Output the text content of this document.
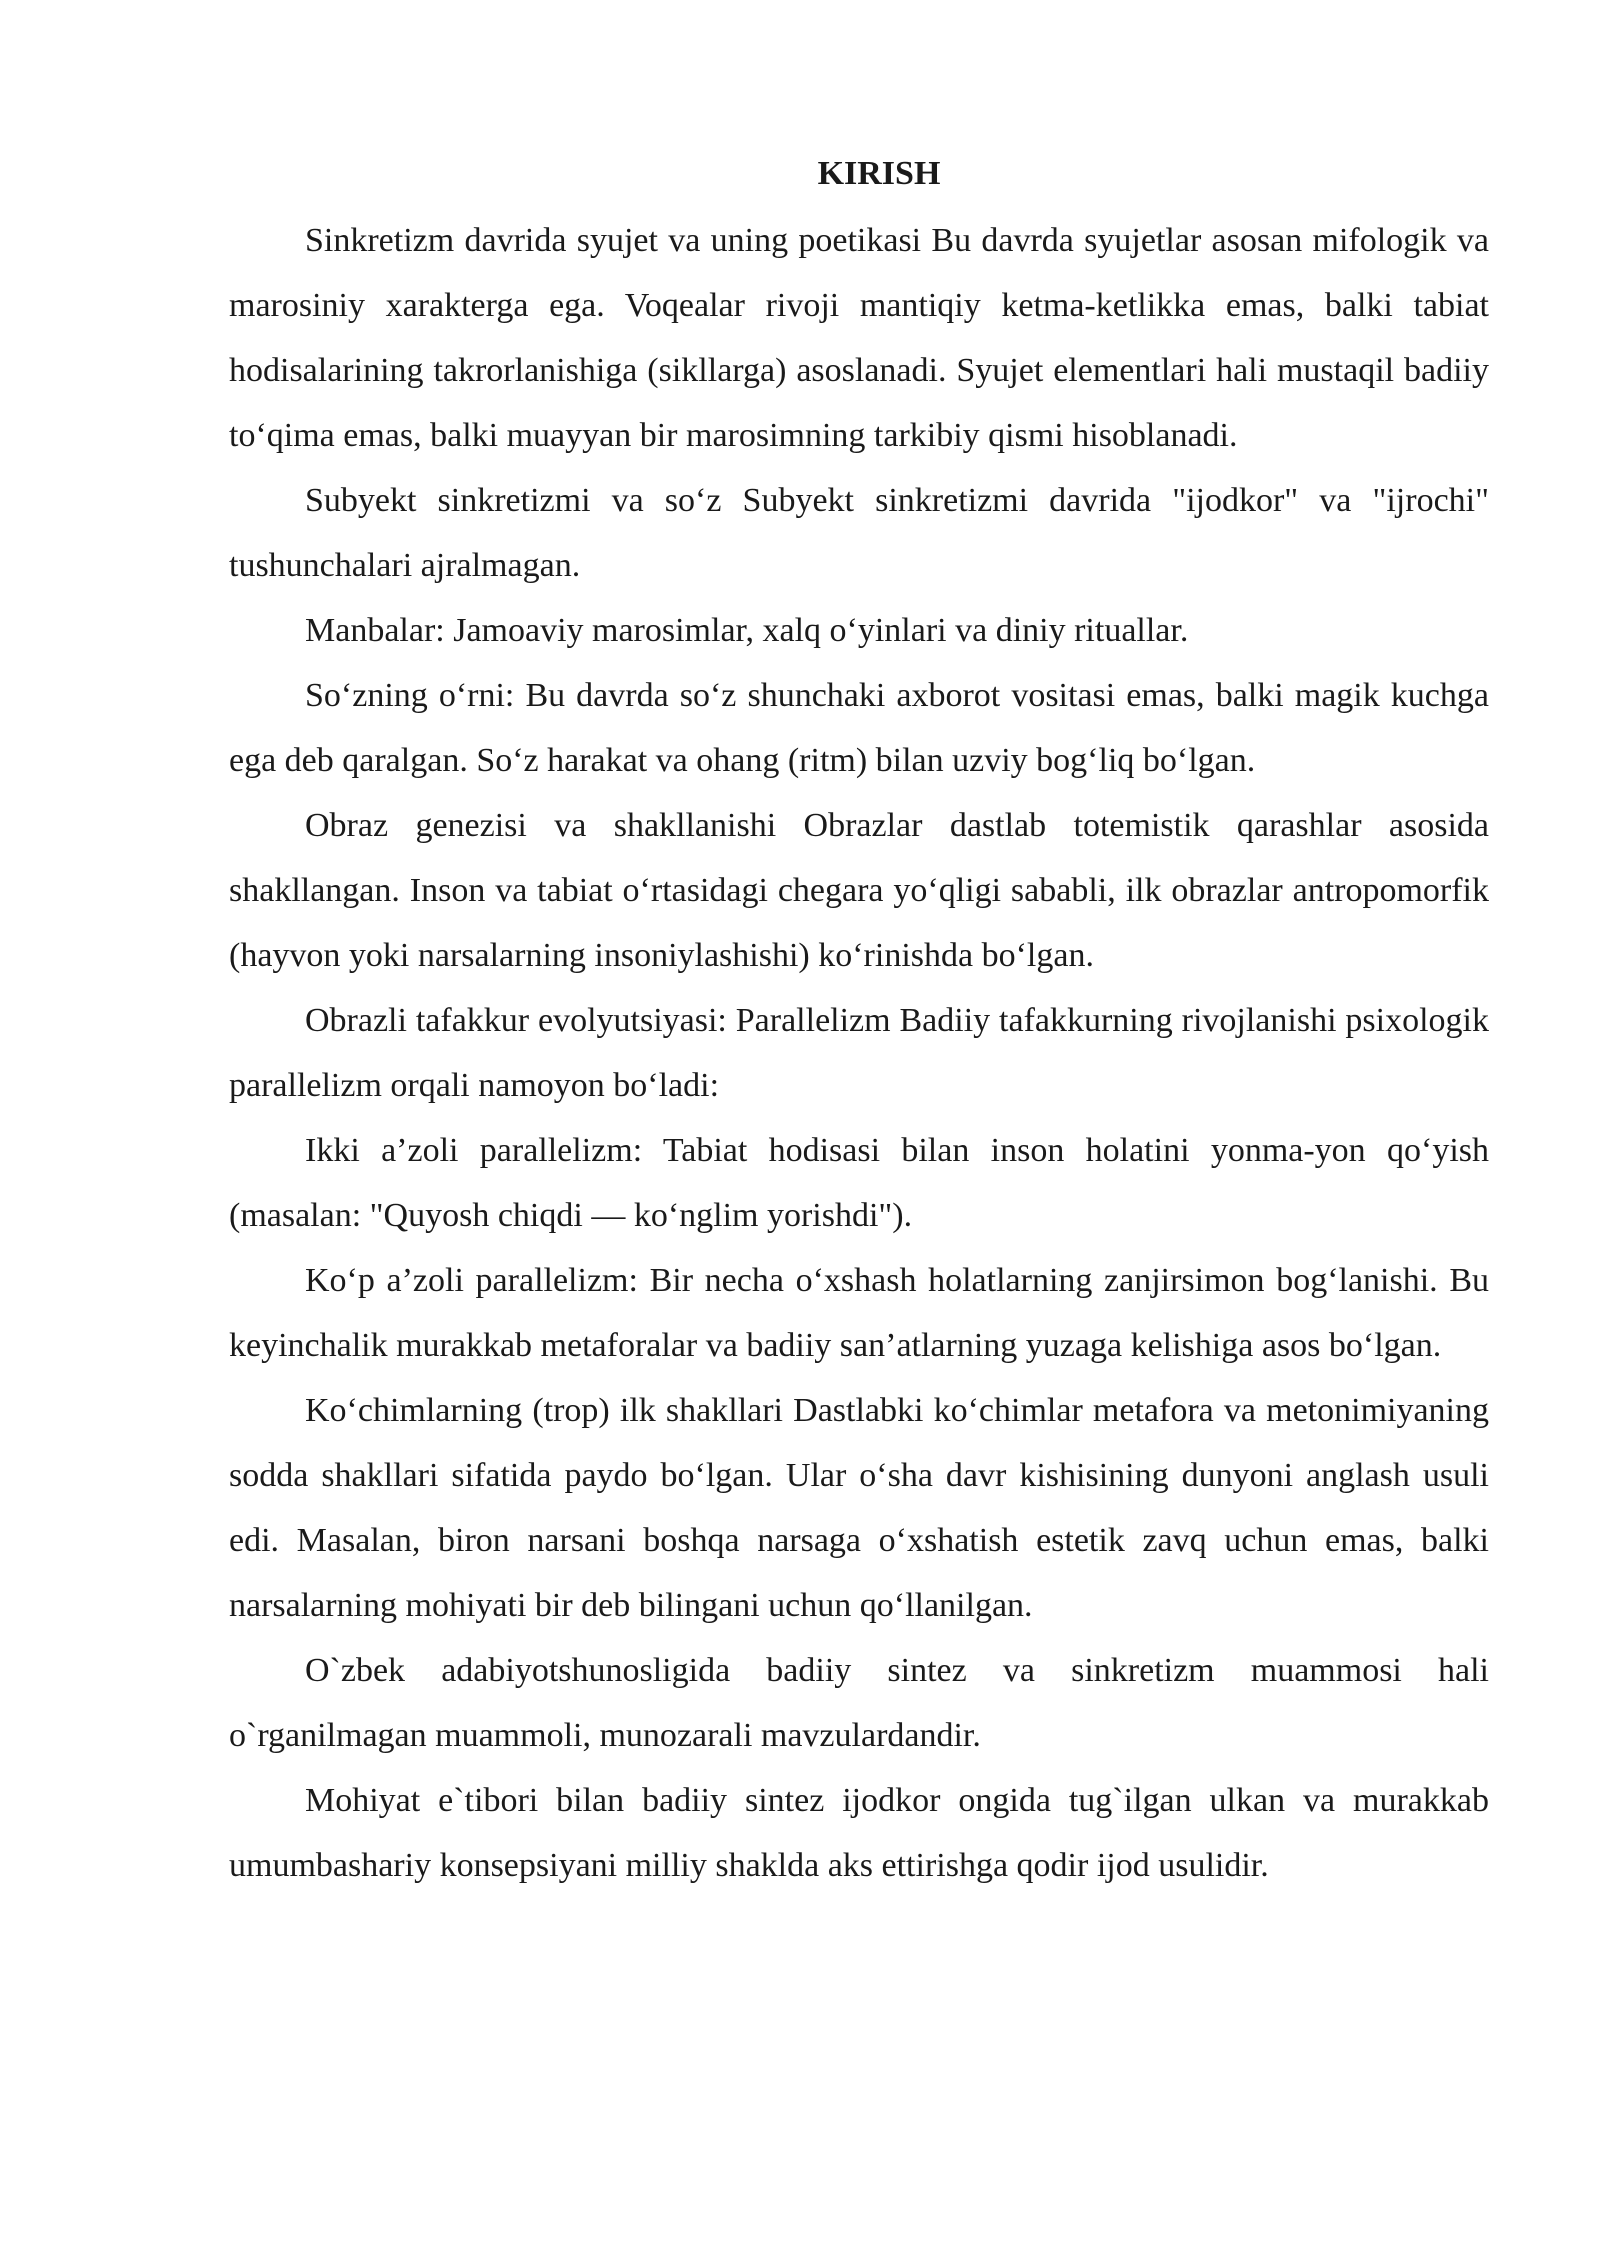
KIRISH

Sinkretizm davrida syujet va uning poetikasi Bu davrda syujetlar asosan mifologik va marosiniy xarakterga ega. Voqealar rivoji mantiqiy ketma-ketlikka emas, balki tabiat hodisalarining takrorlanishiga (sikllarga) asoslanadi. Syujet elementlari hali mustaqil badiiy to‘qima emas, balki muayyan bir marosimning tarkibiy qismi hisoblanadi.

Subyekt sinkretizmi va so‘z Subyekt sinkretizmi davrida "ijodkor" va "ijrochi" tushunchalari ajralmagan.

Manbalar: Jamoaviy marosimlar, xalq o‘yinlari va diniy rituallar.

So‘zning o‘rni: Bu davrda so‘z shunchaki axborot vositasi emas, balki magik kuchga ega deb qaralgan. So‘z harakat va ohang (ritm) bilan uzviy bog‘liq bo‘lgan.

Obraz genezisi va shakllanishi Obrazlar dastlab totemistik qarashlar asosida shakllangan. Inson va tabiat o‘rtasidagi chegara yo‘qligi sababli, ilk obrazlar antropomorfik (hayvon yoki narsalarning insoniylashishi) ko‘rinishda bo‘lgan.

Obrazli tafakkur evolyutsiyasi: Parallelizm Badiiy tafakkurning rivojlanishi psixologik parallelizm orqali namoyon bo‘ladi:

Ikki a’zoli parallelizm: Tabiat hodisasi bilan inson holatini yonma-yon qo‘yish (masalan: "Quyosh chiqdi — ko‘nglim yorishdi").

Ko‘p a’zoli parallelizm: Bir necha o‘xshash holatlarning zanjirsimon bog‘lanishi. Bu keyinchalik murakkab metaforalar va badiiy san’atlarning yuzaga kelishiga asos bo‘lgan.

Ko‘chimlarning (trop) ilk shakllari Dastlabki ko‘chimlar metafora va metonimiyaning sodda shakllari sifatida paydo bo‘lgan. Ular o‘sha davr kishisining dunyoni anglash usuli edi. Masalan, biron narsani boshqa narsaga o‘xshatish estetik zavq uchun emas, balki narsalarning mohiyati bir deb bilingani uchun qo‘llanilgan.

O`zbek adabiyotshunosligida badiiy sintez va sinkretizm muammosi hali o`rganilmagan muammoli, munozarali mavzulardandir.

Mohiyat e`tibori bilan badiiy sintez ijodkor ongida tug`ilgan ulkan va murakkab umumbashariy konsepsiyani milliy shaklda aks ettirishga qodir ijod usulidir.
